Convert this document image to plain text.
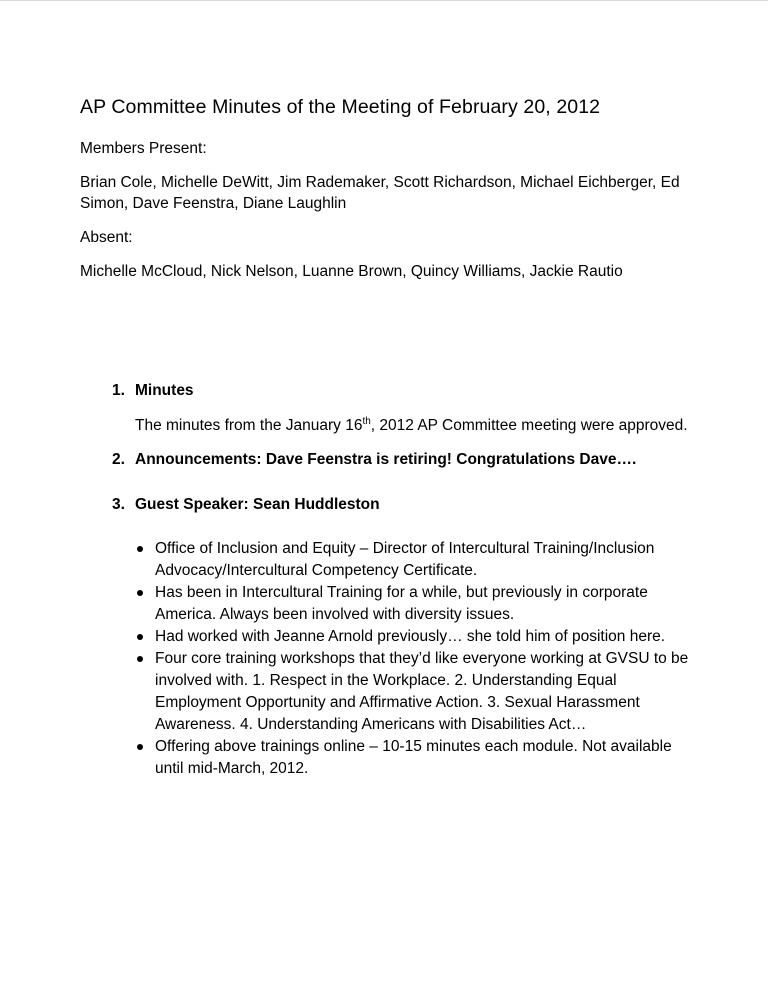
AP Committee Minutes of the Meeting of February 20, 2012

Members Present:

Brian Cole, Michelle DeWitt, Jim Rademaker, Scott Richardson, Michael Eichberger, Ed Simon, Dave Feenstra, Diane Laughlin

Absent:

Michelle McCloud, Nick Nelson, Luanne Brown, Quincy Williams, Jackie Rautio

1. Minutes

The minutes from the January 16th, 2012 AP Committee meeting were approved.

2. Announcements: Dave Feenstra is retiring! Congratulations Dave….

3. Guest Speaker: Sean Huddleston

Office of Inclusion and Equity – Director of Intercultural Training/Inclusion Advocacy/Intercultural Competency Certificate.
Has been in Intercultural Training for a while, but previously in corporate America. Always been involved with diversity issues.
Had worked with Jeanne Arnold previously… she told him of position here.
Four core training workshops that they’d like everyone working at GVSU to be involved with. 1. Respect in the Workplace. 2. Understanding Equal Employment Opportunity and Affirmative Action. 3. Sexual Harassment Awareness. 4. Understanding Americans with Disabilities Act…
Offering above trainings online – 10-15 minutes each module. Not available until mid-March, 2012.
